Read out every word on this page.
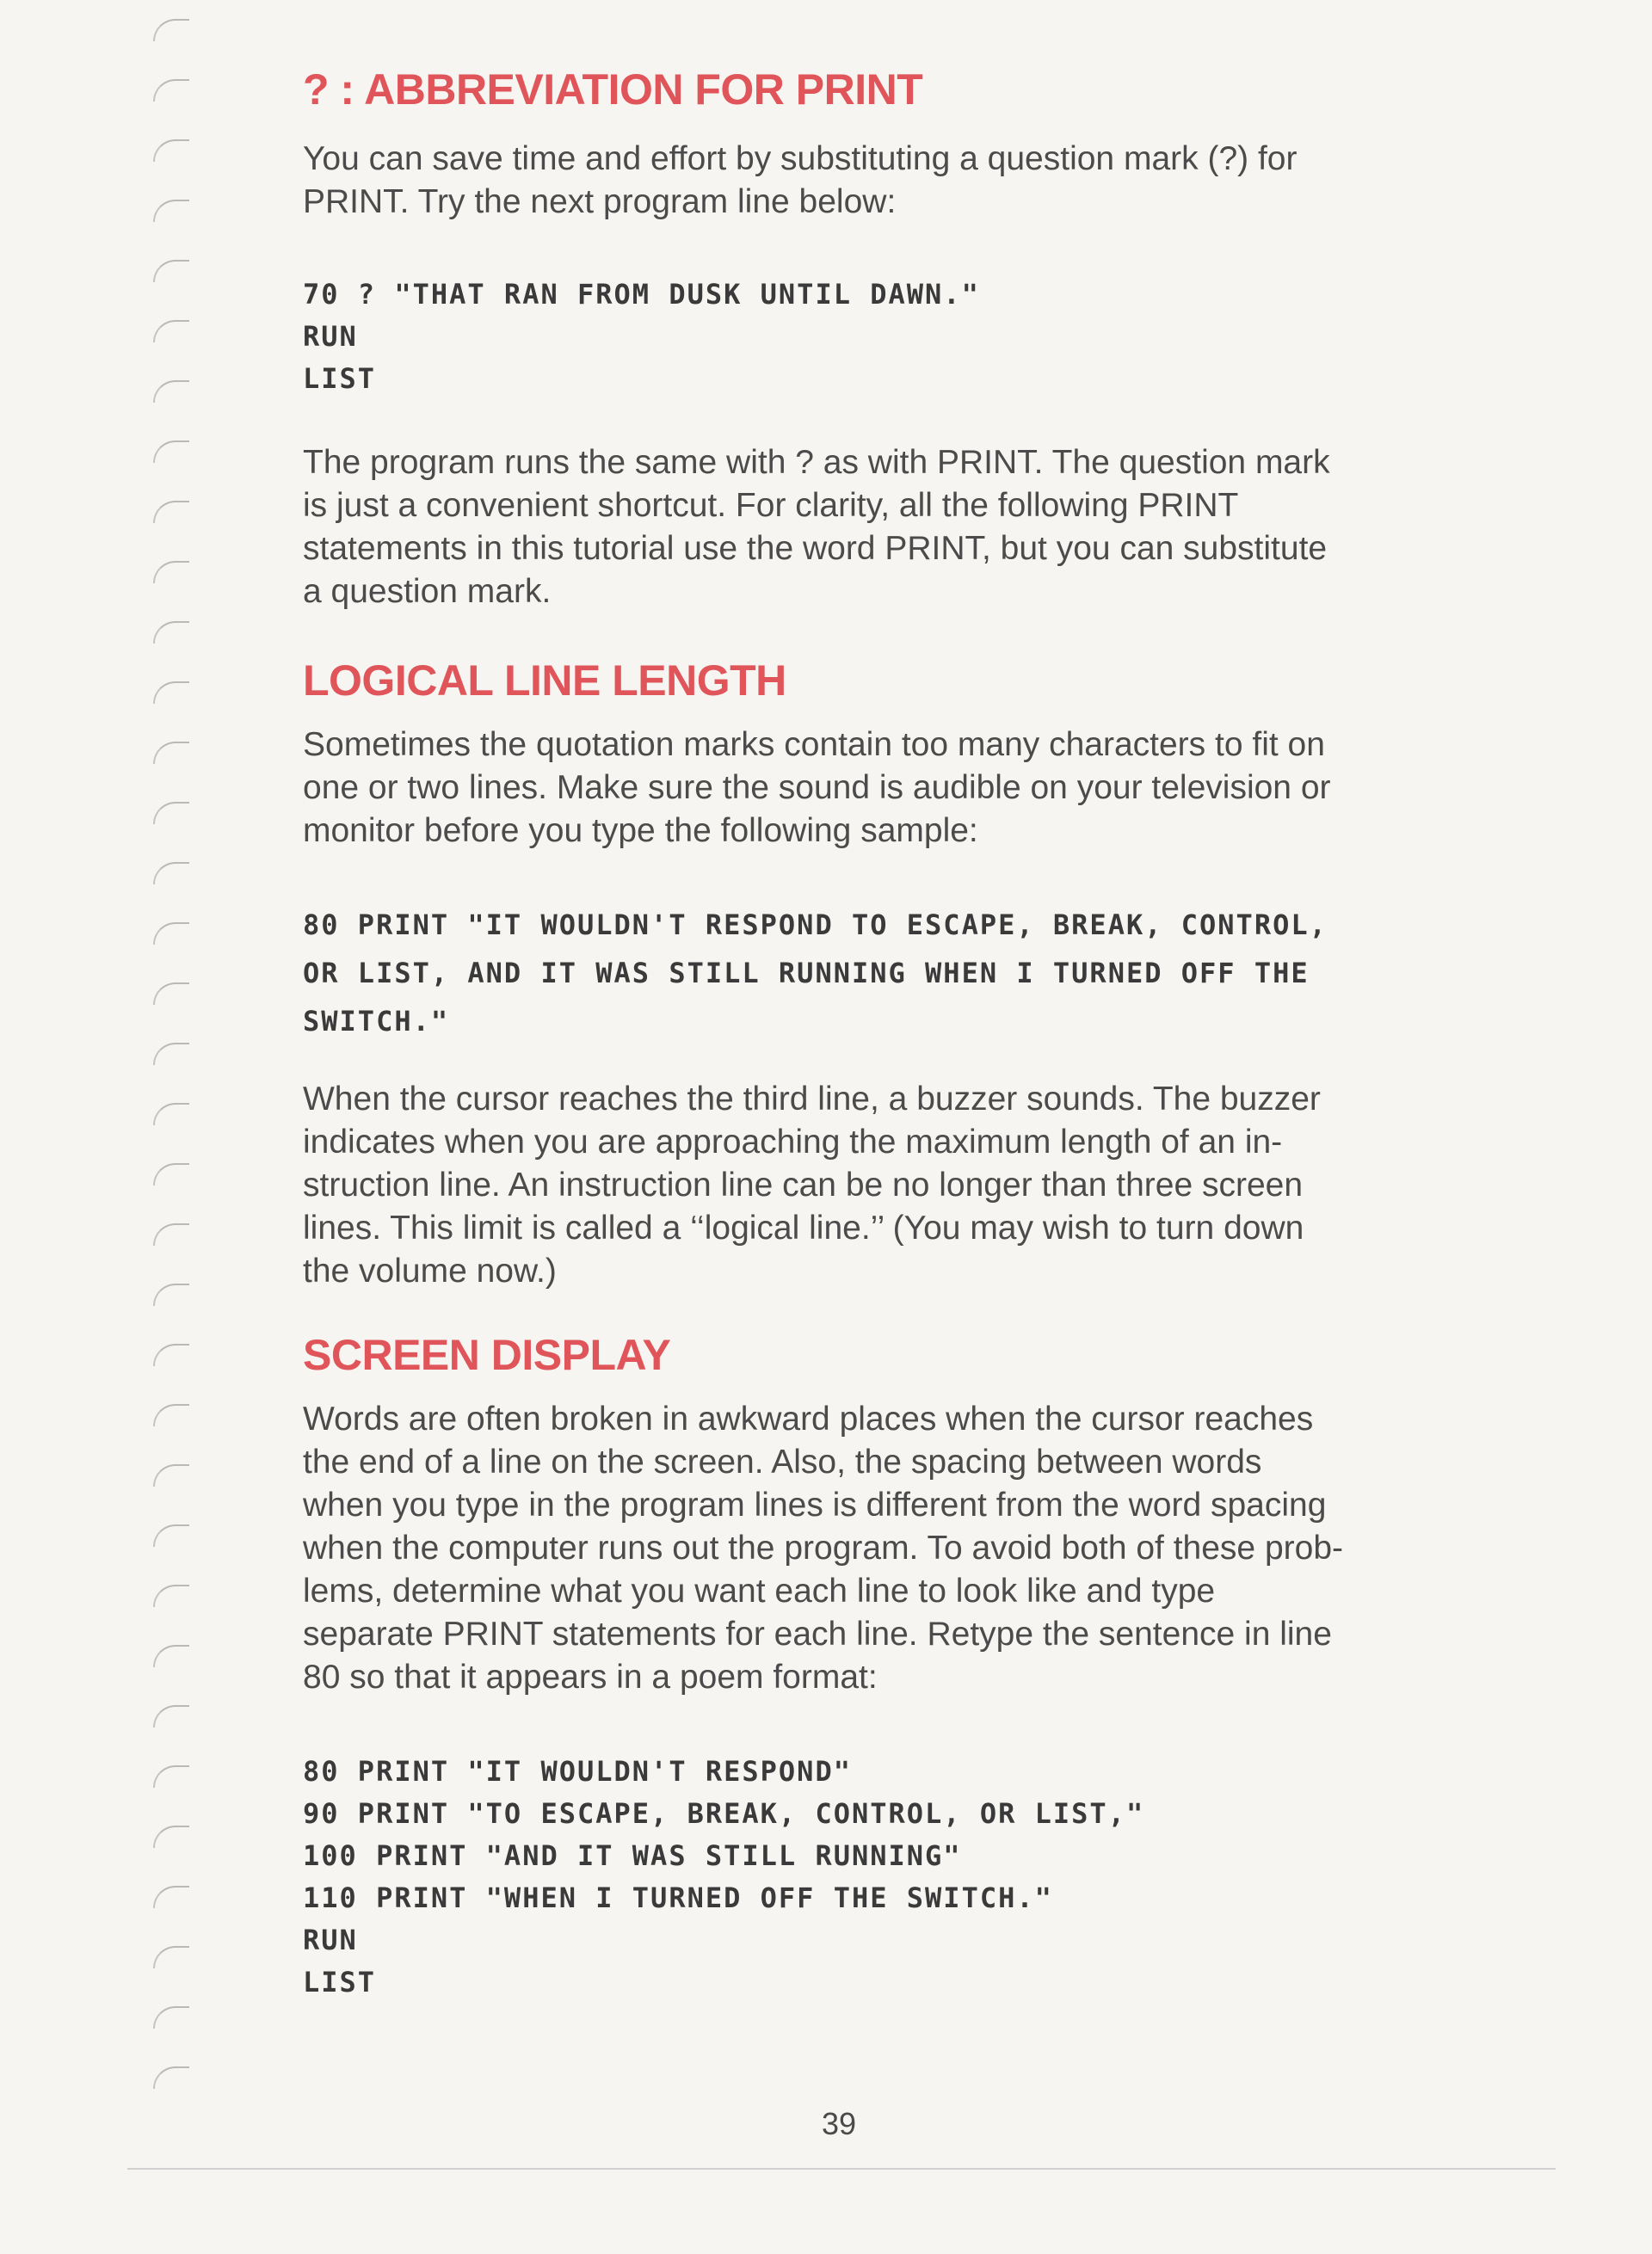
? : ABBREVIATION FOR PRINT

You can save time and effort by substituting a question mark (?) for
PRINT. Try the next program line below:

70 ? "THAT RAN FROM DUSK UNTIL DAWN."
RUN
LIST

The program runs the same with ? as with PRINT. The question mark
is just a convenient shortcut. For clarity, all the following PRINT
statements in this tutorial use the word PRINT, but you can substitute
a question mark.

LOGICAL LINE LENGTH

Sometimes the quotation marks contain too many characters to fit on
one or two lines. Make sure the sound is audible on your television or
monitor before you type the following sample:

80 PRINT "IT WOULDN'T RESPOND TO ESCAPE, BREAK, CONTROL,
OR LIST, AND IT WAS STILL RUNNING WHEN I TURNED OFF THE
SWITCH."

When the cursor reaches the third line, a buzzer sounds. The buzzer
indicates when you are approaching the maximum length of an in-
struction line. An instruction line can be no longer than three screen
lines. This limit is called a ‘‘logical line.’’ (You may wish to turn down
the volume now.)

SCREEN DISPLAY

Words are often broken in awkward places when the cursor reaches
the end of a line on the screen. Also, the spacing between words
when you type in the program lines is different from the word spacing
when the computer runs out the program. To avoid both of these prob-
lems, determine what you want each line to look like and type
separate PRINT statements for each line. Retype the sentence in line
80 so that it appears in a poem format:

80 PRINT "IT WOULDN'T RESPOND"
90 PRINT "TO ESCAPE, BREAK, CONTROL, OR LIST,"
100 PRINT "AND IT WAS STILL RUNNING"
110 PRINT "WHEN I TURNED OFF THE SWITCH."
RUN
LIST
39
